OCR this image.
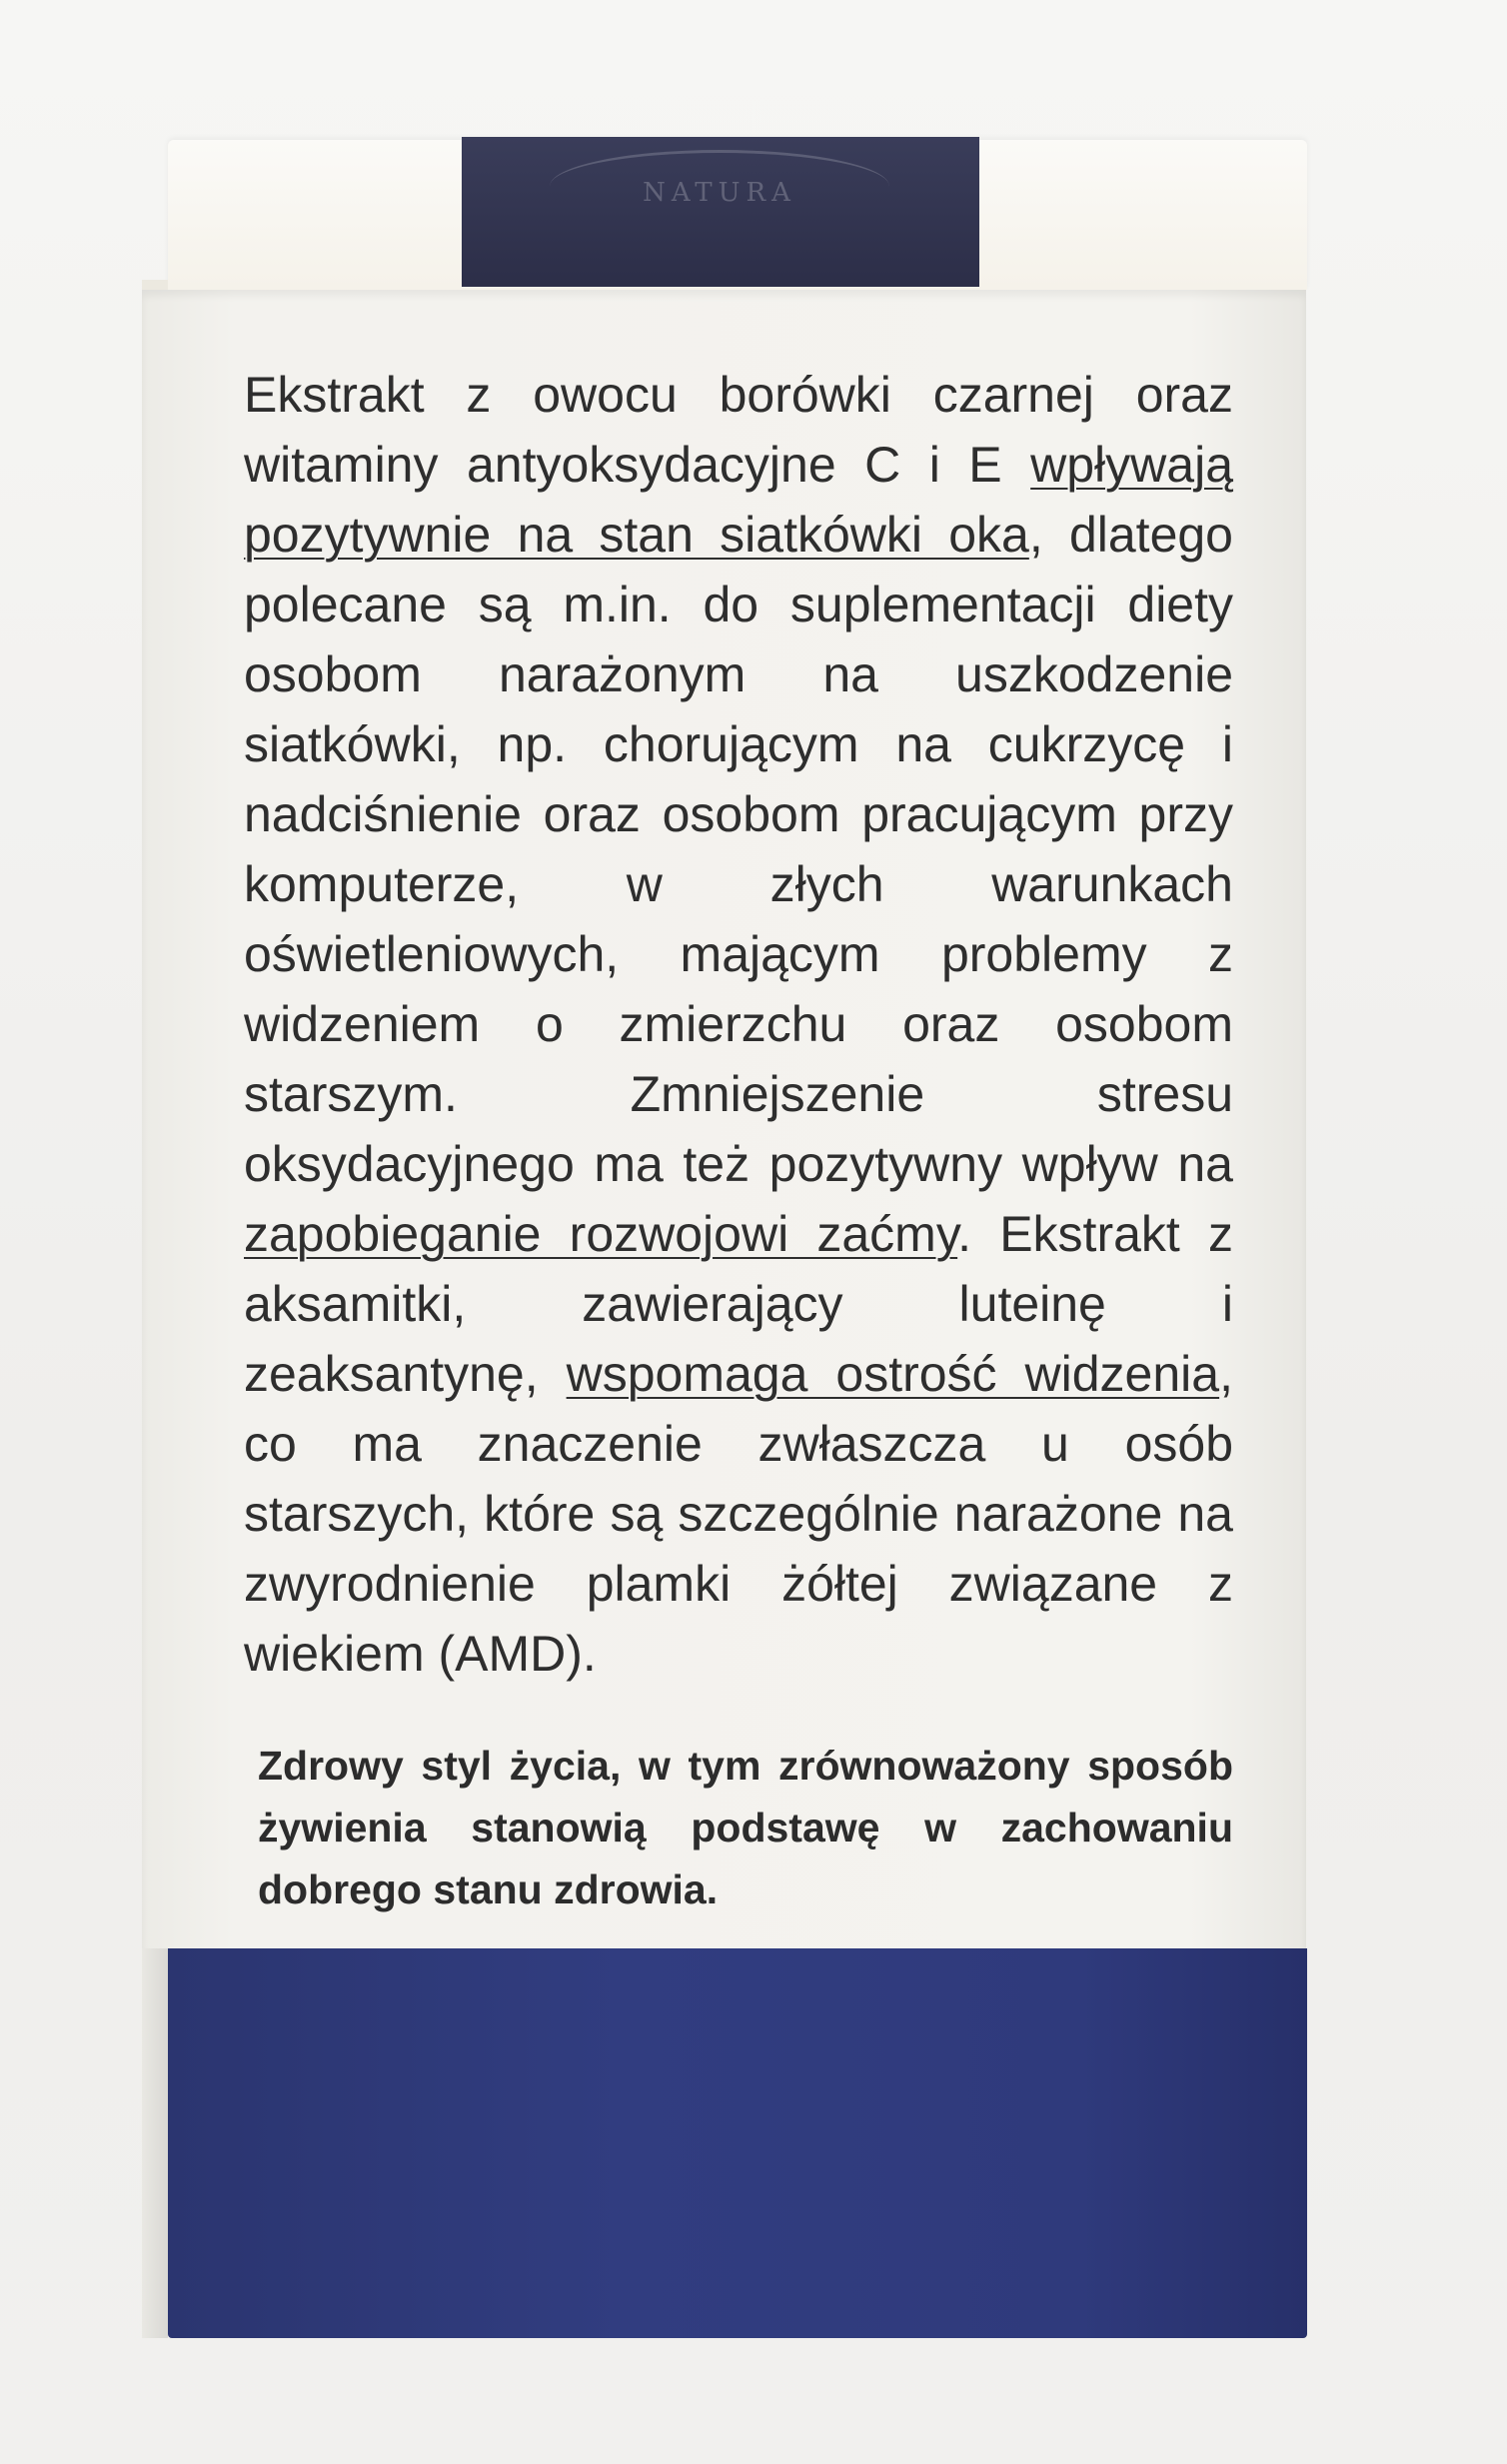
NATURA

Ekstrakt z owocu borówki czarnej oraz witaminy antyoksydacyjne C i E wpływają pozytywnie na stan siatkówki oka, dlatego polecane są m.in. do suplementacji diety osobom narażonym na uszkodzenie siatkówki, np. chorującym na cukrzycę i nadciśnienie oraz osobom pracującym przy komputerze, w złych warunkach oświetleniowych, mającym problemy z widzeniem o zmierzchu oraz osobom starszym. Zmniejszenie stresu oksydacyjnego ma też pozytywny wpływ na zapobieganie rozwojowi zaćmy. Ekstrakt z aksamitki, zawierający luteinę i zeaksantynę, wspomaga ostrość widzenia, co ma znaczenie zwłaszcza u osób starszych, które są szczególnie narażone na zwyrodnienie plamki żółtej związane z wiekiem (AMD).

Zdrowy styl życia, w tym zrównoważony sposób żywienia stanowią podstawę w zachowaniu dobrego stanu zdrowia.
